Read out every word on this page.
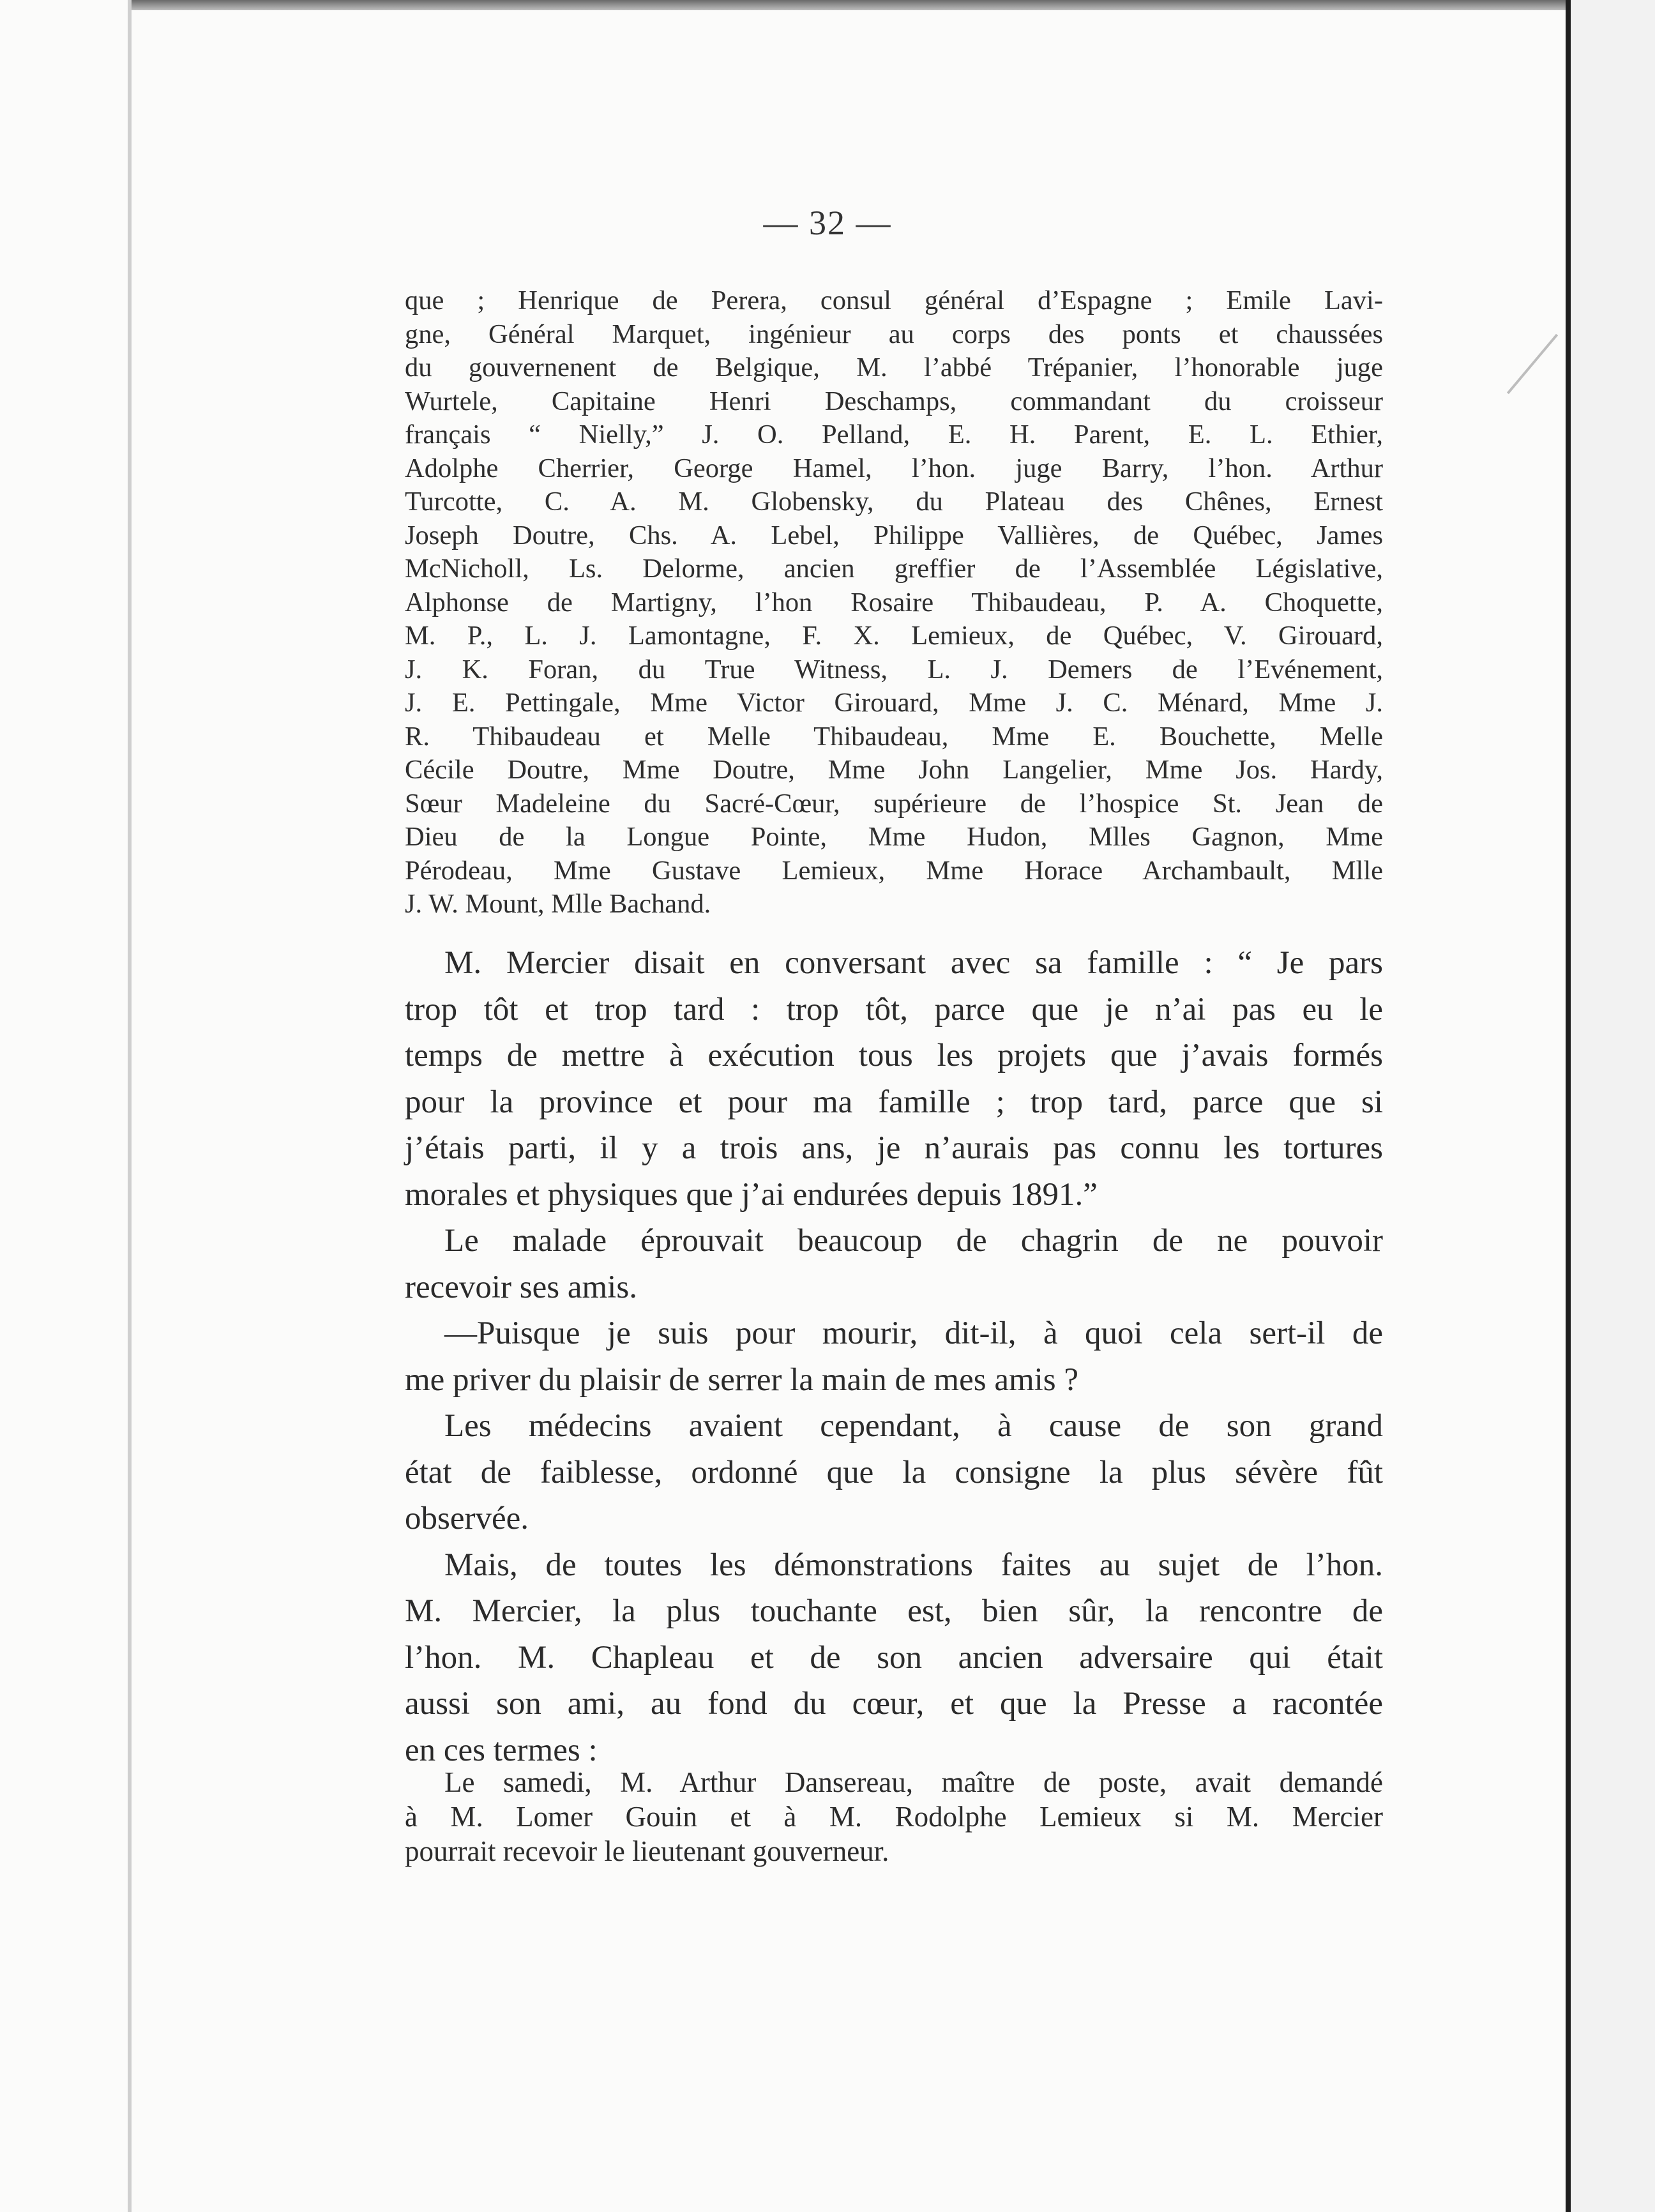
— 32 —
que ; Henrique de Perera, consul général d’Espagne ; Emile Lavi-
gne, Général Marquet, ingénieur au corps des ponts et chaussées
du gouvernenent de Belgique, M. l’abbé Trépanier, l’honorable juge
Wurtele, Capitaine Henri Deschamps, commandant du croisseur
français “ Nielly,” J. O. Pelland, E. H. Parent, E. L. Ethier,
Adolphe Cherrier, George Hamel, l’hon. juge Barry, l’hon. Arthur
Turcotte, C. A. M. Globensky, du Plateau des Chênes, Ernest
Joseph Doutre, Chs. A. Lebel, Philippe Vallières, de Québec, James
McNicholl, Ls. Delorme, ancien greffier de l’Assemblée Législative,
Alphonse de Martigny, l’hon Rosaire Thibaudeau, P. A. Choquette,
M. P., L. J. Lamontagne, F. X. Lemieux, de Québec, V. Girouard,
J. K. Foran, du True Witness, L. J. Demers de l’Evénement,
J. E. Pettingale, Mme Victor Girouard, Mme J. C. Ménard, Mme J.
R. Thibaudeau et Melle Thibaudeau, Mme E. Bouchette, Melle
Cécile Doutre, Mme Doutre, Mme John Langelier, Mme Jos. Hardy,
Sœur Madeleine du Sacré-Cœur, supérieure de l’hospice St. Jean de
Dieu de la Longue Pointe, Mme Hudon, Mlles Gagnon, Mme
Pérodeau, Mme Gustave Lemieux, Mme Horace Archambault, Mlle
J. W. Mount, Mlle Bachand.
M. Mercier disait en conversant avec sa famille : “ Je pars
trop tôt et trop tard : trop tôt, parce que je n’ai pas eu le
temps de mettre à exécution tous les projets que j’avais formés
pour la province et pour ma famille ; trop tard, parce que si
j’étais parti, il y a trois ans, je n’aurais pas connu les tortures
morales et physiques que j’ai endurées depuis 1891.”
Le malade éprouvait beaucoup de chagrin de ne pouvoir
recevoir ses amis.
—Puisque je suis pour mourir, dit-il, à quoi cela sert-il de
me priver du plaisir de serrer la main de mes amis ?
Les médecins avaient cependant, à cause de son grand
état de faiblesse, ordonné que la consigne la plus sévère fût
observée.
Mais, de toutes les démonstrations faites au sujet de l’hon.
M. Mercier, la plus touchante est, bien sûr, la rencontre de
l’hon. M. Chapleau et de son ancien adversaire qui était
aussi son ami, au fond du cœur, et que la Presse a racontée
en ces termes :
Le samedi, M. Arthur Dansereau, maître de poste, avait demandé
à M. Lomer Gouin et à M. Rodolphe Lemieux si M. Mercier
pourrait recevoir le lieutenant gouverneur.
